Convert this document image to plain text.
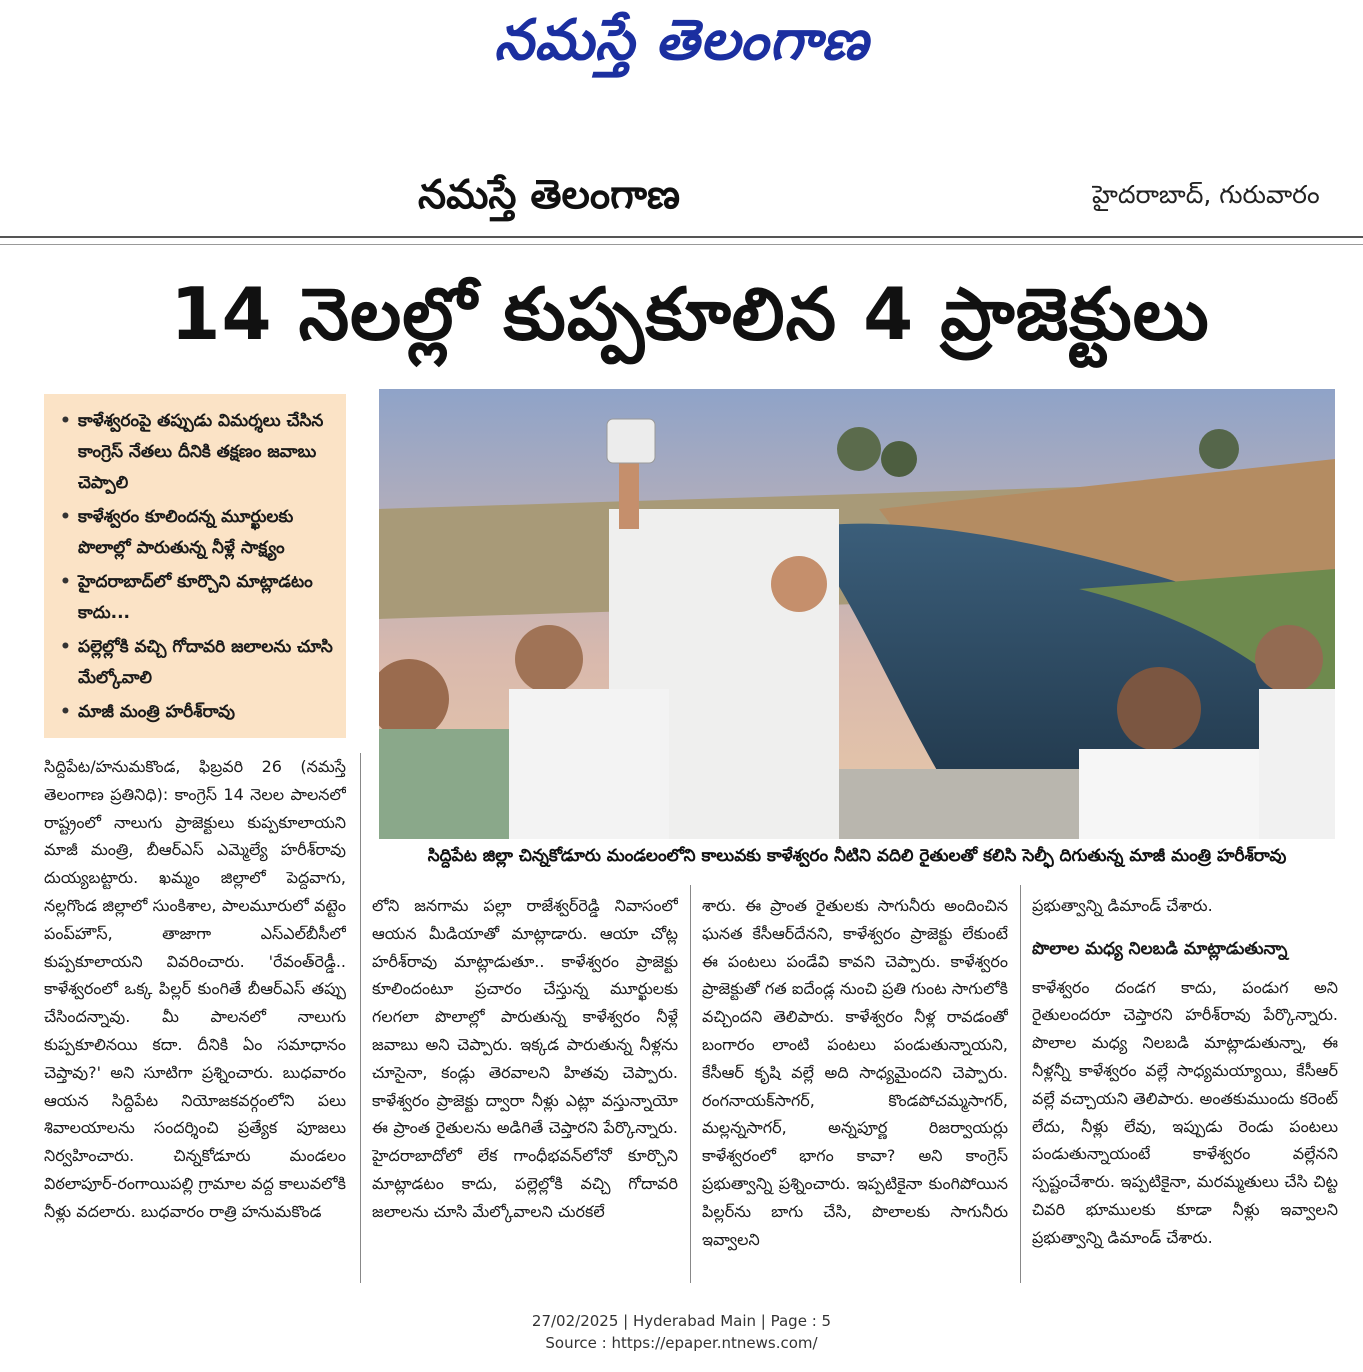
నమస్తే తెలంగాణ
నమస్తే తెలంగాణ	హైదరాబాద్, గురువారం
14 నెలల్లో కుప్పకూలిన 4 ప్రాజెక్టులు
• కాళేశ్వరంపై తప్పుడు విమర్శలు చేసిన కాంగ్రెస్ నేతలు దీనికి తక్షణం జవాబు చెప్పాలి
• కాళేశ్వరం కూలిందన్న మూర్ఖులకు పొలాల్లో పారుతున్న నీళ్లే సాక్ష్యం
• హైదరాబాద్‌లో కూర్చొని మాట్లాడటం కాదు...
• పల్లెల్లోకి వచ్చి గోదావరి జలాలను చూసి మేల్కోవాలి
• మాజీ మంత్రి హరీశ్‌రావు
సిద్దిపేట జిల్లా చిన్నకోడూరు మండలంలోని కాలువకు కాళేశ్వరం నీటిని వదిలి రైతులతో కలిసి సెల్ఫీ దిగుతున్న మాజీ మంత్రి హరీశ్‌రావు

సిద్దిపేట/హనుమకొండ, ఫిబ్రవరి 26 (నమస్తే తెలంగాణ ప్రతినిధి): కాంగ్రెస్ 14 నెలల పాలనలో రాష్ట్రంలో నాలుగు ప్రాజెక్టులు కుప్పకూలాయని మాజీ మంత్రి, బీఆర్ఎస్ ఎమ్మెల్యే హరీశ్‌రావు దుయ్యబట్టారు. ఖమ్మం జిల్లాలో పెద్దవాగు, నల్లగొండ జిల్లాలో సుంకిశాల, పాలమూరులో వట్టెం పంప్‌హౌస్, తాజాగా ఎస్ఎల్‌బీసీలో కుప్పకూలాయని వివరించారు. 'రేవంత్‌రెడ్డీ.. కాళేశ్వరంలో ఒక్క పిల్లర్ కుంగితే బీఆర్ఎస్ తప్పు చేసిందన్నావు. మీ పాలనలో నాలుగు కుప్పకూలినయి కదా. దీనికి ఏం సమాధానం చెప్తావు?' అని సూటిగా ప్రశ్నించారు. బుధవారం ఆయన సిద్దిపేట నియోజకవర్గంలోని పలు శివాలయాలను సందర్శించి ప్రత్యేక పూజలు నిర్వహించారు. చిన్నకోడూరు మండలం విఠలాపూర్-రంగాయిపల్లి గ్రామాల వద్ద కాలువలోకి నీళ్లు వదలారు. బుధవారం రాత్రి హనుమకొండ

లోని జనగామ పల్లా రాజేశ్వర్‌రెడ్డి నివాసంలో ఆయన మీడియాతో మాట్లాడారు. ఆయా చోట్ల హరీశ్‌రావు మాట్లాడుతూ.. కాళేశ్వరం ప్రాజెక్టు కూలిందంటూ ప్రచారం చేస్తున్న మూర్ఖులకు గలగలా పొలాల్లో పారుతున్న కాళేశ్వరం నీళ్లే జవాబు అని చెప్పారు. ఇక్కడ పారుతున్న నీళ్లను చూసైనా, కండ్లు తెరవాలని హితవు చెప్పారు. కాళేశ్వరం ప్రాజెక్టు ద్వారా నీళ్లు ఎట్లా వస్తున్నాయో ఈ ప్రాంత రైతులను అడిగితే చెప్తారని పేర్కొన్నారు. హైదరాబాదోలో లేక గాంధీభవన్‌లోనో కూర్చొని మాట్లాడటం కాదు, పల్లెల్లోకి వచ్చి గోదావరి జలాలను చూసి మేల్కోవాలని చురకలే

శారు. ఈ ప్రాంత రైతులకు సాగునీరు అందించిన ఘనత కేసీఆర్‌దేనని, కాళేశ్వరం ప్రాజెక్టు లేకుంటే ఈ పంటలు పండేవి కావని చెప్పారు. కాళేశ్వరం ప్రాజెక్టుతో గత ఐదేండ్ల నుంచి ప్రతి గుంట సాగులోకి వచ్చిందని తెలిపారు. కాళేశ్వరం నీళ్ల రావడంతో బంగారం లాంటి పంటలు పండుతున్నాయని, కేసీఆర్ కృషి వల్లే అది సాధ్యమైందని చెప్పారు. రంగనాయక్‌సాగర్, కొండపోచమ్మసాగర్, మల్లన్నసాగర్, అన్నపూర్ణ రిజర్వాయర్లు కాళేశ్వరంలో భాగం కావా? అని కాంగ్రెస్ ప్రభుత్వాన్ని ప్రశ్నించారు. ఇప్పటికైనా కుంగిపోయిన పిల్లర్‌ను బాగు చేసి, పొలాలకు సాగునీరు ఇవ్వాలని

ప్రభుత్వాన్ని డిమాండ్ చేశారు.

పొలాల మధ్య నిలబడి మాట్లాడుతున్నా

కాళేశ్వరం దండగ కాదు, పండుగ అని రైతులందరూ చెప్తారని హరీశ్‌రావు పేర్కొన్నారు. పొలాల మధ్య నిలబడి మాట్లాడుతున్నా, ఈ నీళ్లన్నీ కాళేశ్వరం వల్లే సాధ్యమయ్యాయి, కేసీఆర్ వల్లే వచ్చాయని తెలిపారు. అంతకుముందు కరెంట్ లేదు, నీళ్లు లేవు, ఇప్పుడు రెండు పంటలు పండుతున్నాయంటే కాళేశ్వరం వల్లేనని స్పష్టంచేశారు. ఇప్పటికైనా, మరమ్మతులు చేసి చిట్ట చివరి భూములకు కూడా నీళ్లు ఇవ్వాలని ప్రభుత్వాన్ని డిమాండ్ చేశారు.

27/02/2025 | Hyderabad Main | Page : 5
Source : https://epaper.ntnews.com/
